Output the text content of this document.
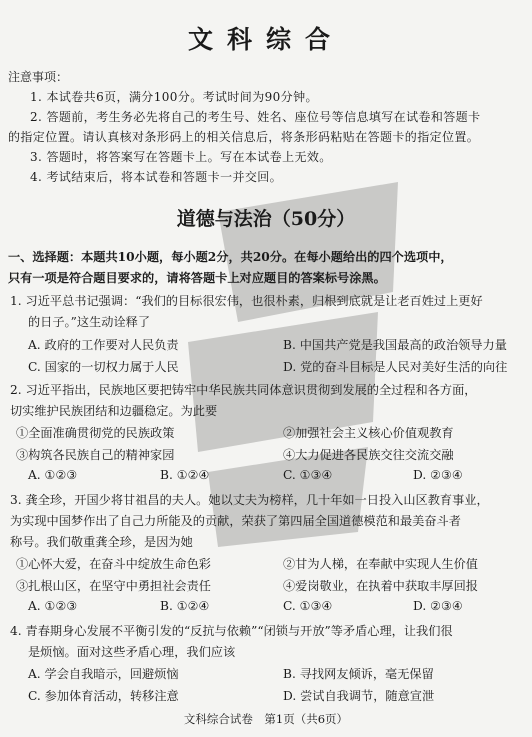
文科综合
注意事项：
1. 本试卷共6页，满分100分。考试时间为90分钟。
2. 答题前，考生务必先将自己的考生号、姓名、座位号等信息填写在试卷和答题卡
的指定位置。请认真核对条形码上的相关信息后，将条形码粘贴在答题卡的指定位置。
3. 答题时，将答案写在答题卡上。写在本试卷上无效。
4. 考试结束后，将本试卷和答题卡一并交回。
道德与法治（50分）
一、选择题：本题共10小题，每小题2分，共20分。在每小题给出的四个选项中，
只有一项是符合题目要求的，请将答题卡上对应题目的答案标号涂黑。
1. 习近平总书记强调：“我们的目标很宏伟，也很朴素，归根到底就是让老百姓过上更好
的日子。”这生动诠释了
A. 政府的工作要对人民负责	B. 中国共产党是我国最高的政治领导力量
C. 国家的一切权力属于人民	D. 党的奋斗目标是人民对美好生活的向往
2. 习近平指出，民族地区要把铸牢中华民族共同体意识贯彻到发展的全过程和各方面，
切实维护民族团结和边疆稳定。为此要
①全面准确贯彻党的民族政策	②加强社会主义核心价值观教育
③构筑各民族自己的精神家园	④大力促进各民族交往交流交融
A. ①②③	B. ①②④	C. ①③④	D. ②③④
3. 龚全珍，开国少将甘祖昌的夫人。她以丈夫为榜样，几十年如一日投入山区教育事业，
为实现中国梦作出了自己力所能及的贡献，荣获了第四届全国道德模范和最美奋斗者
称号。我们敬重龚全珍，是因为她
①心怀大爱，在奋斗中绽放生命色彩	②甘为人梯，在奉献中实现人生价值
③扎根山区，在坚守中勇担社会责任	④爱岗敬业，在执着中获取丰厚回报
A. ①②③	B. ①②④	C. ①③④	D. ②③④
4. 青春期身心发展不平衡引发的“反抗与依赖”“闭锁与开放”等矛盾心理，让我们很
是烦恼。面对这些矛盾心理，我们应该
A. 学会自我暗示，回避烦恼	B. 寻找网友倾诉，毫无保留
C. 参加体育活动，转移注意	D. 尝试自我调节，随意宣泄
文科综合试卷　第1页（共6页）
